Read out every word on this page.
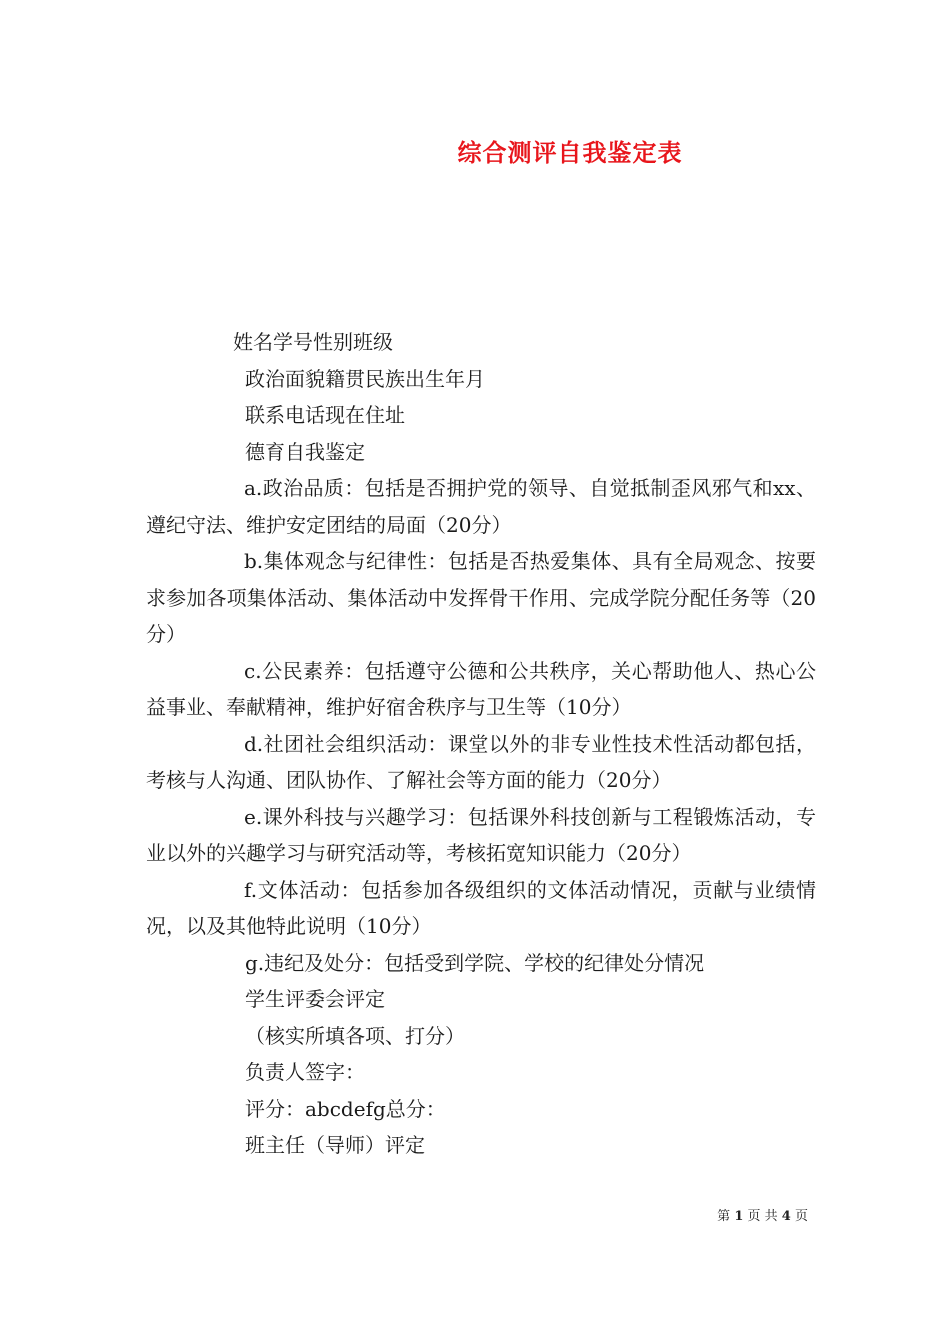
综合测评自我鉴定表

姓名学号性别班级

政治面貌籍贯民族出生年月

联系电话现在住址

德育自我鉴定

a.政治品质：包括是否拥护党的领导、自觉抵制歪风邪气和xx、遵纪守法、维护安定团结的局面（20分）

b.集体观念与纪律性：包括是否热爱集体、具有全局观念、按要求参加各项集体活动、集体活动中发挥骨干作用、完成学院分配任务等（20分）

c.公民素养：包括遵守公德和公共秩序，关心帮助他人、热心公益事业、奉献精神，维护好宿舍秩序与卫生等（10分）

d.社团社会组织活动：课堂以外的非专业性技术性活动都包括，考核与人沟通、团队协作、了解社会等方面的能力（20分）

e.课外科技与兴趣学习：包括课外科技创新与工程锻炼活动，专业以外的兴趣学习与研究活动等，考核拓宽知识能力（20分）

f.文体活动：包括参加各级组织的文体活动情况，贡献与业绩情况，以及其他特此说明（10分）

g.违纪及处分：包括受到学院、学校的纪律处分情况

学生评委会评定

（核实所填各项、打分）

负责人签字：

评分：abcdefg总分：

班主任（导师）评定

第 1 页 共 4 页
